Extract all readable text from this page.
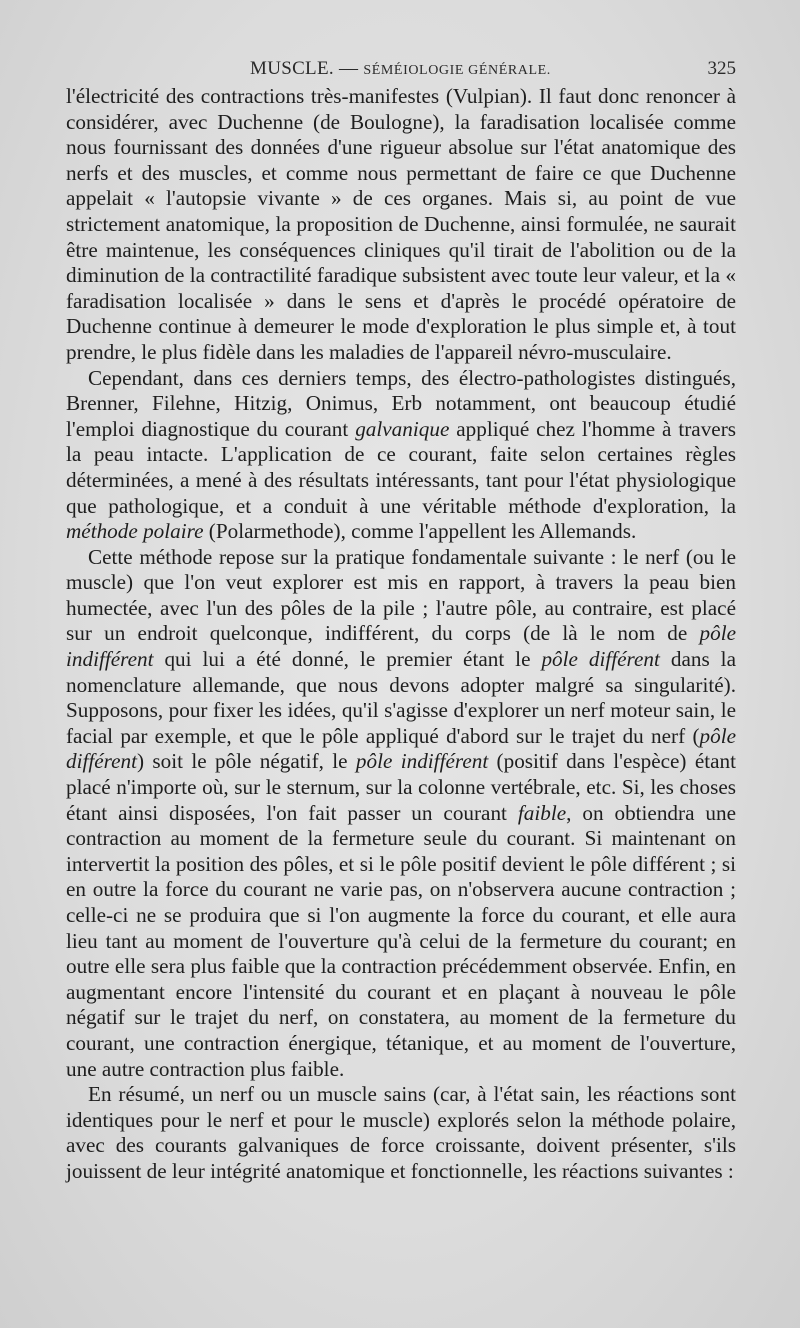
MUSCLE. — SÉMÉIOLOGIE GÉNÉRALE.	325

l'électricité des contractions très-manifestes (Vulpian). Il faut donc renoncer à considérer, avec Duchenne (de Boulogne), la faradisation localisée comme nous fournissant des données d'une rigueur absolue sur l'état anatomique des nerfs et des muscles, et comme nous permettant de faire ce que Duchenne appelait « l'autopsie vivante » de ces organes. Mais si, au point de vue strictement anatomique, la proposition de Duchenne, ainsi formulée, ne saurait être maintenue, les conséquences cliniques qu'il tirait de l'abolition ou de la diminution de la contractilité faradique subsistent avec toute leur valeur, et la « faradisation localisée » dans le sens et d'après le procédé opératoire de Duchenne continue à demeurer le mode d'exploration le plus simple et, à tout prendre, le plus fidèle dans les maladies de l'appareil névro-musculaire.

Cependant, dans ces derniers temps, des électro-pathologistes distingués, Brenner, Filehne, Hitzig, Onimus, Erb notamment, ont beaucoup étudié l'emploi diagnostique du courant galvanique appliqué chez l'homme à travers la peau intacte. L'application de ce courant, faite selon certaines règles déterminées, a mené à des résultats intéressants, tant pour l'état physiologique que pathologique, et a conduit à une véritable méthode d'exploration, la méthode polaire (Polarmethode), comme l'appellent les Allemands.

Cette méthode repose sur la pratique fondamentale suivante : le nerf (ou le muscle) que l'on veut explorer est mis en rapport, à travers la peau bien humectée, avec l'un des pôles de la pile ; l'autre pôle, au contraire, est placé sur un endroit quelconque, indifférent, du corps (de là le nom de pôle indifférent qui lui a été donné, le premier étant le pôle différent dans la nomenclature allemande, que nous devons adopter malgré sa singularité). Supposons, pour fixer les idées, qu'il s'agisse d'explorer un nerf moteur sain, le facial par exemple, et que le pôle appliqué d'abord sur le trajet du nerf (pôle différent) soit le pôle négatif, le pôle indifférent (positif dans l'espèce) étant placé n'importe où, sur le sternum, sur la colonne vertébrale, etc. Si, les choses étant ainsi disposées, l'on fait passer un courant faible, on obtiendra une contraction au moment de la fermeture seule du courant. Si maintenant on intervertit la position des pôles, et si le pôle positif devient le pôle différent ; si en outre la force du courant ne varie pas, on n'observera aucune contraction ; celle-ci ne se produira que si l'on augmente la force du courant, et elle aura lieu tant au moment de l'ouverture qu'à celui de la fermeture du courant; en outre elle sera plus faible que la contraction précédemment observée. Enfin, en augmentant encore l'intensité du courant et en plaçant à nouveau le pôle négatif sur le trajet du nerf, on constatera, au moment de la fermeture du courant, une contraction énergique, tétanique, et au moment de l'ouverture, une autre contraction plus faible.

En résumé, un nerf ou un muscle sains (car, à l'état sain, les réactions sont identiques pour le nerf et pour le muscle) explorés selon la méthode polaire, avec des courants galvaniques de force croissante, doivent présenter, s'ils jouissent de leur intégrité anatomique et fonctionnelle, les réactions suivantes :
